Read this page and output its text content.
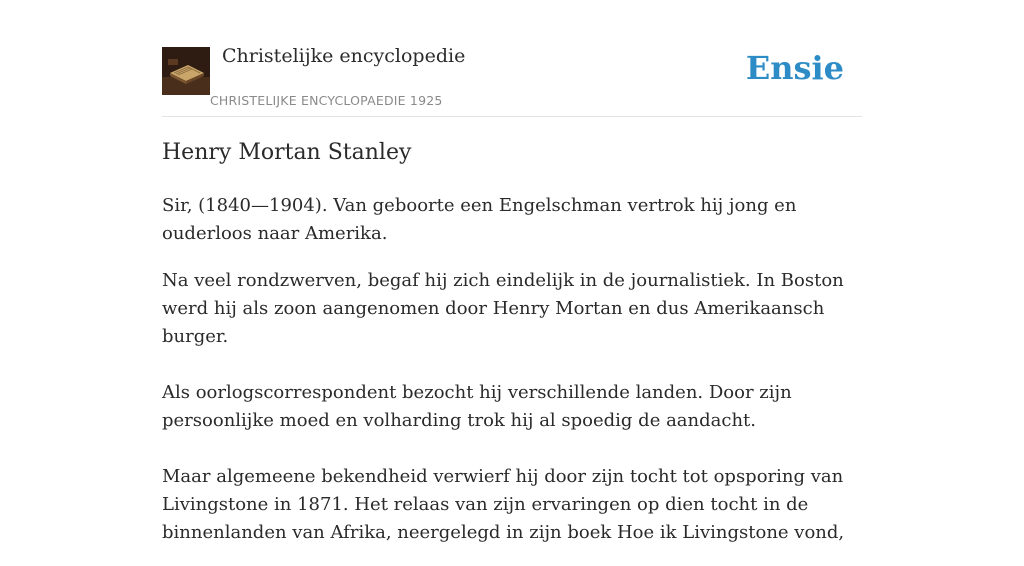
Christelijke encyclopedie
CHRISTELIJKE ENCYCLOPAEDIE 1925
Ensie
Henry Mortan Stanley

Sir, (1840—1904). Van geboorte een Engelschman vertrok hij jong en ouderloos naar Amerika.

Na veel rondzwerven, begaf hij zich eindelijk in de journalistiek. In Boston werd hij als zoon aangenomen door Henry Mortan en dus Amerikaansch burger.

Als oorlogscorrespondent bezocht hij verschillende landen. Door zijn persoonlijke moed en volharding trok hij al spoedig de aandacht.

Maar algemeene bekendheid verwierf hij door zijn tocht tot opsporing van Livingstone in 1871. Het relaas van zijn ervaringen op dien tocht in de binnenlanden van Afrika, neergelegd in zijn boek Hoe ik Livingstone vond,
